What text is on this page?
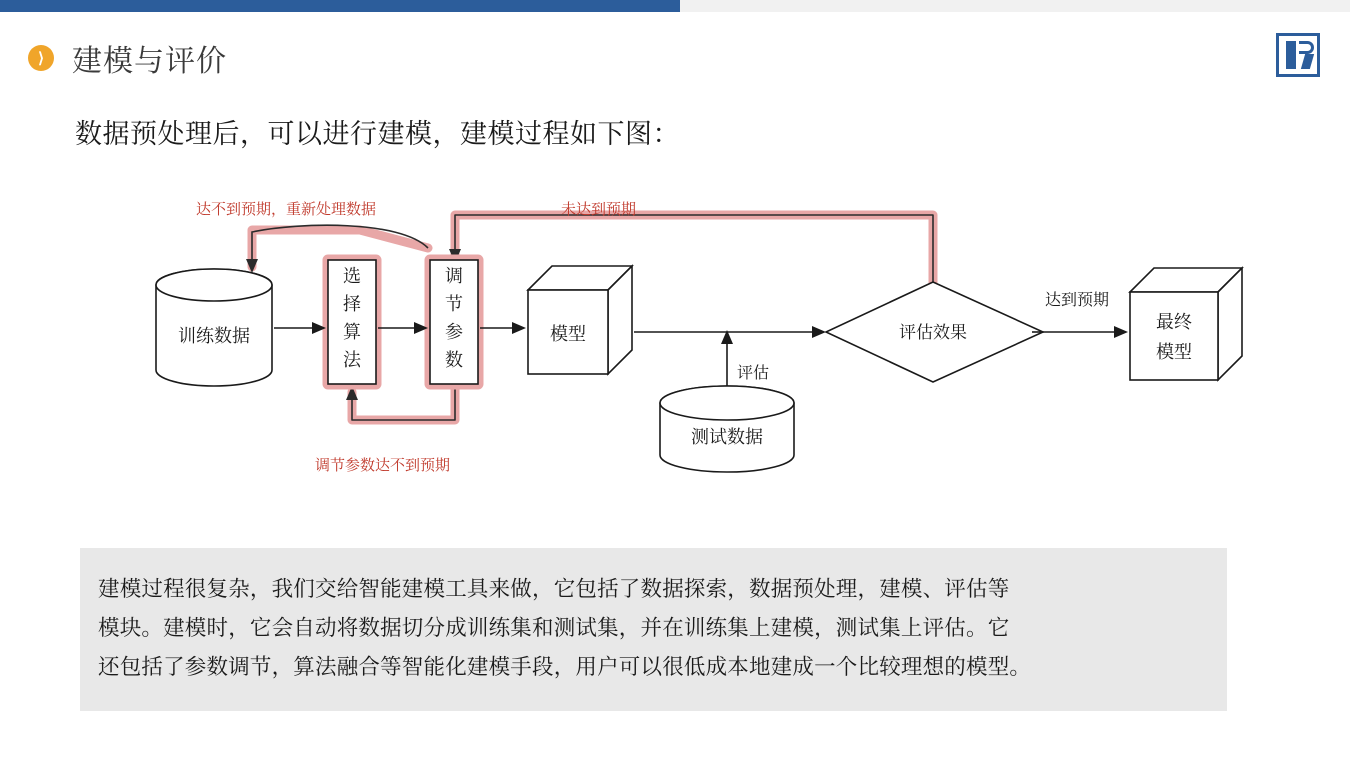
⟩ 建模与评价
数据预处理后，可以进行建模，建模过程如下图：
达不到预期，重新处理数据	未达到预期
调节参数达不到预期
训练数据
选
择
算
法
调
节
参
数
模型
评估
测试数据
评估效果
达到预期
最终
模型

建模过程很复杂，我们交给智能建模工具来做，它包括了数据探索，数据预处理，建模、评估等

模块。建模时，它会自动将数据切分成训练集和测试集，并在训练集上建模，测试集上评估。它

还包括了参数调节，算法融合等智能化建模手段，用户可以很低成本地建成一个比较理想的模型。
